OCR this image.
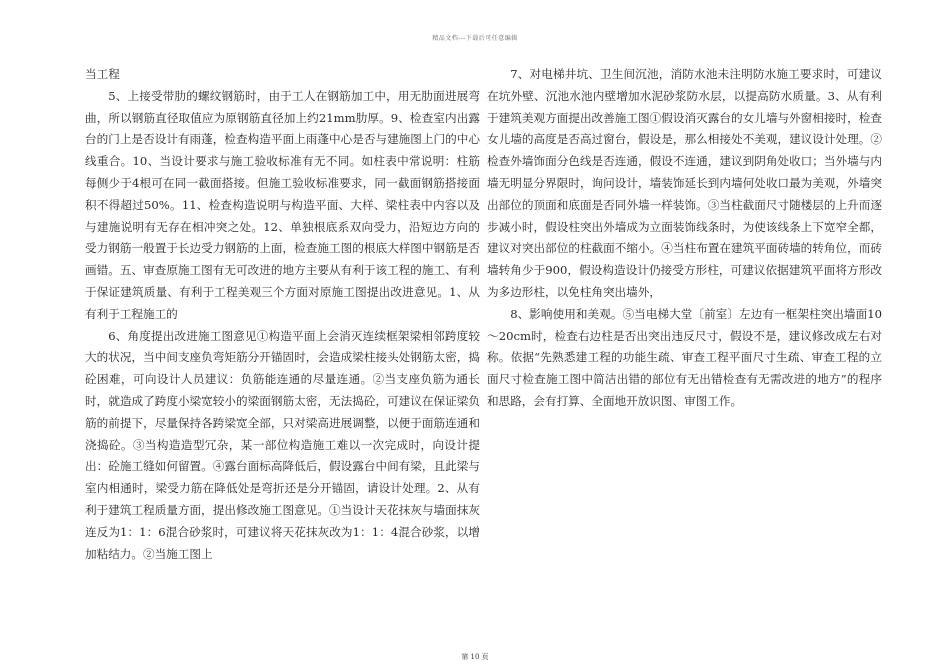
精品文档---下载后可任意编辑

当工程

5、上接受带肋的螺纹钢筋时，由于工人在钢筋加工中，用无肋面进展弯曲，所以钢筋直径取值应为原钢筋直径加上约21mm肋厚。9、检查室内出露台的门上是否设计有雨蓬，检查构造平面上雨蓬中心是否与建施图上门的中心线重合。10、当设计要求与施工验收标准有无不同。如柱表中常说明：柱筋每侧少于4根可在同一截面搭接。但施工验收标准要求，同一截面钢筋搭接面积不得超过50%。11、检查构造说明与构造平面、大样、梁柱表中内容以及与建施说明有无存在相冲突之处。12、单独根底系双向受力，沿短边方向的受力钢筋一般置于长边受力钢筋的上面，检查施工图的根底大样图中钢筋是否画错。五、审查原施工图有无可改进的地方主要从有利于该工程的施工、有利于保证建筑质量、有利于工程美观三个方面对原施工图提出改进意见。1、从有利于工程施工的

6、角度提出改进施工图意见①构造平面上会消灭连续框架梁相邻跨度较大的状况，当中间支座负弯矩筋分开锚固时，会造成梁柱接头处钢筋太密，捣砼困难，可向设计人员建议：负筋能连通的尽量连通。②当支座负筋为通长时，就造成了跨度小梁宽较小的梁面钢筋太密，无法捣砼，可建议在保证梁负筋的前提下，尽量保持各跨梁宽全部，只对梁高进展调整，以便于面筋连通和浇捣砼。③当构造造型冗杂，某一部位构造施工难以一次完成时，向设计提出：砼施工缝如何留置。④露台面标高降低后，假设露台中间有梁，且此梁与室内相通时，梁受力筋在降低处是弯折还是分开锚固，请设计处理。2、从有利于建筑工程质量方面，提出修改施工图意见。①当设计天花抹灰与墙面抹灰连反为1：1：6混合砂浆时，可建议将天花抹灰改为1：1：4混合砂浆，以增加粘结力。②当施工图上

7、对电梯井坑、卫生间沉池，消防水池未注明防水施工要求时，可建议在坑外壁、沉池水池内壁增加水泥砂浆防水层，以提高防水质量。3、从有利于建筑美观方面提出改善施工图①假设消灭露台的女儿墙与外窗相接时，检查女儿墙的高度是否高过窗台，假设是，那么相接处不美观，建议设计处理。②检查外墙饰面分色线是否连通，假设不连通，建议到阴角处收口；当外墙与内墙无明显分界限时，询问设计，墙装饰延长到内墙何处收口最为美观，外墙突出部位的顶面和底面是否同外墙一样装饰。③当柱截面尺寸随楼层的上升而逐步减小时，假设柱突出外墙成为立面装饰线条时，为使该线条上下宽窄全都，建议对突出部位的柱截面不缩小。④当柱布置在建筑平面砖墙的转角位，而砖墙转角少于900，假设构造设计仍接受方形柱，可建议依据建筑平面将方形改为多边形柱，以免柱角突出墙外，

8、影响使用和美观。⑤当电梯大堂〔前室〕左边有一框架柱突出墙面10～20cm时，检查右边柱是否出突出违反尺寸，假设不是，建议修改成左右对称。依据“先熟悉建工程的功能生疏、审查工程平面尺寸生疏、审查工程的立面尺寸检查施工图中简洁出错的部位有无出错检查有无需改进的地方”的程序和思路，会有打算、全面地开放识图、审图工作。

第 10 页
